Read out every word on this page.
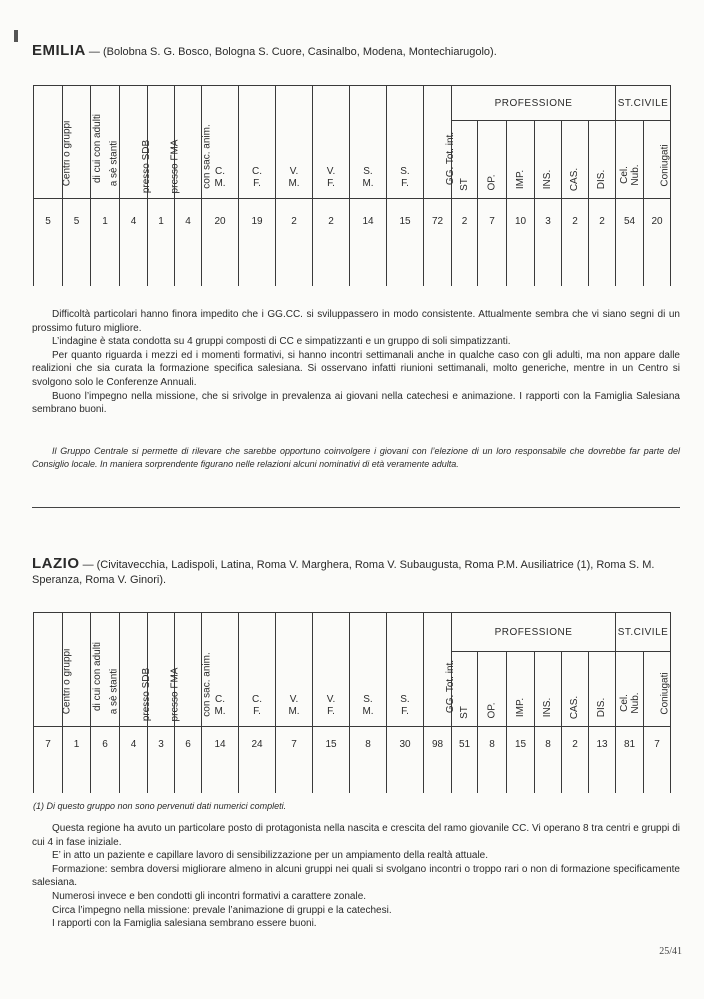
EMILIA — (Bolobna S. G. Bosco, Bologna S. Cuore, Casinalbo, Modena, Montechiarugolo).
Centri o gruppi	di cui con adulti	a sè stanti	presso SDB	presso FMA	con sac. anim.	C. M.	C. F.	V. M.	V. F.	S. M.	S. F.	GG. Tot. int.	PROFESSIONE						ST.CIVILE	
													ST	OP.	IMP.	INS.	CAS.	DIS.	Cel. Nub.	Coniugati
5	5	1	4	1	4	20	19	2	2	14	15	72	2	7	10	3	2	2	54	20

Difficoltà particolari hanno finora impedito che i GG.CC. si sviluppassero in modo consistente. Attualmente sembra che vi siano segni di un prossimo futuro migliore.

L’indagine è stata condotta su 4 gruppi composti di CC e simpatizzanti e un gruppo di soli simpatizzanti.

Per quanto riguarda i mezzi ed i momenti formativi, si hanno incontri settimanali anche in qualche caso con gli adulti, ma non appare dalle realizioni che sia curata la formazione specifica salesiana. Si osservano infatti riunioni settimanali, molto generiche, mentre in un Centro si svolgono solo le Conferenze Annuali.

Buono l’impegno nella missione, che si srivolge in prevalenza ai giovani nella catechesi e animazione. I rapporti con la Famiglia Salesiana sembrano buoni.

Il Gruppo Centrale si permette di rilevare che sarebbe opportuno coinvolgere i giovani con l’elezione di un loro responsabile che dovrebbe far parte del Consiglio locale. In maniera sorprendente figurano nelle relazioni alcuni nominativi di età veramente adulta.

LAZIO — (Civitavecchia, Ladispoli, Latina, Roma V. Marghera, Roma V. Subaugusta, Roma P.M. Ausiliatrice (1), Roma S. M. Speranza, Roma V. Ginori).
Centri o gruppi	di cui con adulti	a sè stanti	presso SDB	presso FMA	con sac. anim.	C. M.	C. F.	V. M.	V. F.	S. M.	S. F.	GG. Tot. int.	PROFESSIONE						ST.CIVILE	
													ST	OP.	IMP.	INS.	CAS.	DIS.	Cel. Nub.	Coniugati
7	1	6	4	3	6	14	24	7	15	8	30	98	51	8	15	8	2	13	81	7

(1) Di questo gruppo non sono pervenuti dati numerici completi.

Questa regione ha avuto un particolare posto di protagonista nella nascita e crescita del ramo giovanile CC. Vi operano 8 tra centri e gruppi di cui 4 in fase iniziale.

E’ in atto un paziente e capillare lavoro di sensibilizzazione per un ampiamento della realtà attuale.

Formazione: sembra doversi migliorare almeno in alcuni gruppi nei quali si svolgano incontri o troppo rari o non di formazione specificamente salesiana.

Numerosi invece e ben condotti gli incontri formativi a carattere zonale.

Circa l’impegno nella missione: prevale l’animazione di gruppi e la catechesi.

I rapporti con la Famiglia salesiana sembrano essere buoni.

25/41
